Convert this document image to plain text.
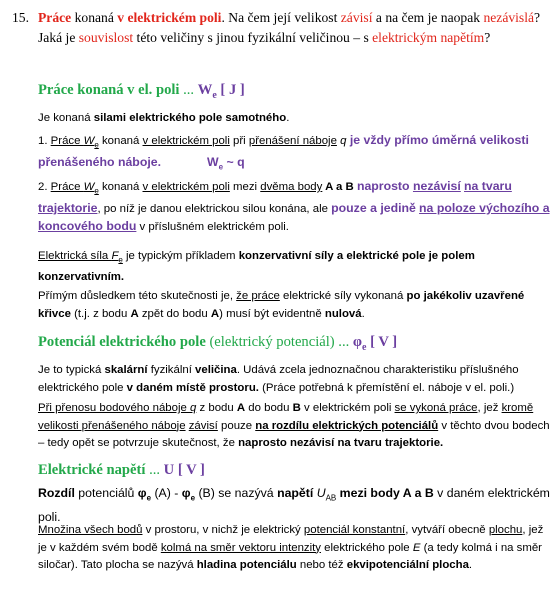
15. Práce konaná v elektrickém poli. Na čem její velikost závisí a na čem je naopak nezávislá? Jaká je souvislost této veličiny s jinou fyzikální veličinou – s elektrickým napětím?
Práce konaná v el. poli ... $W_e$ [ J ]
Je konaná silami elektrického pole samotného.
1. Práce $W_e$ konaná v elektrickém poli při přenášení náboje q je vždy přímo úměrná velikosti přenášeného náboje.	$W_e$ ~ q
2. Práce $W_e$ konaná v elektrickém poli mezi dvěma body A a B naprosto nezávisí na tvaru trajektorie, po níž je danou elektrickou silou konána, ale pouze a jedině na poloze výchozího a koncového bodu v příslušném elektrickém poli.
Elektrická síla $F_e$ je typickým příkladem konzervativní síly a elektrické pole je polem konzervativním.
Přímým důsledkem této skutečnosti je, že práce elektrické síly vykonaná po jakékoliv uzavřené křivce (t.j. z bodu A zpět do bodu A) musí být evidentně nulová.
Potenciál elektrického pole (elektrický potenciál) ... $\varphi_e$ [ V ]
Je to typická skalární fyzikální veličina. Udává zcela jednoznačnou charakteristiku příslušného elektrického pole v daném místě prostoru. (Práce potřebná k přemístění el. náboje v el. poli.)
Při přenosu bodového náboje q z bodu A do bodu B v elektrickém poli se vykoná práce, jež kromě velikosti přenášeného náboje závisí pouze na rozdílu elektrických potenciálů v těchto dvou bodech – tedy opět se potvrzuje skutečnost, že naprosto nezávisí na tvaru trajektorie.
Elektrické napětí ... U [ V ]
Rozdíl potenciálů $\varphi_e$ $(A) - \varphi_e$ (B) se nazývá napětí $U_{AB}$ mezi body A a B v daném elektrickém poli.
Množina všech bodů v prostoru, v nichž je elektrický potenciál konstantní, vytváří obecně plochu, jež je v každém svém bodě kolmá na směr vektoru intenzity elektrického pole E (a tedy kolmá i na směr siločar). Tato plocha se nazývá hladina potenciálu nebo též ekvipotenciální plocha.
